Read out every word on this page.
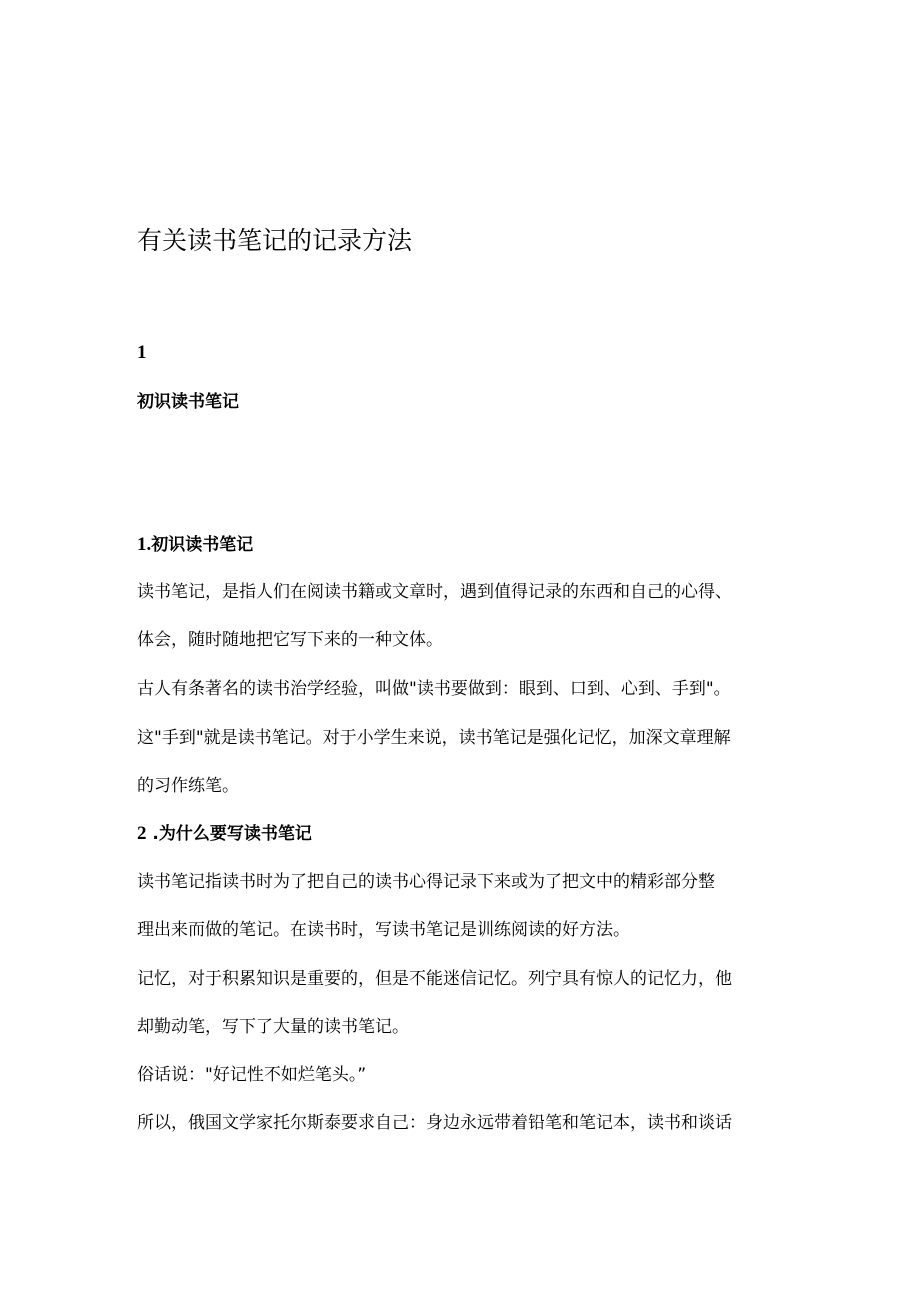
有关读书笔记的记录方法
1
初识读书笔记
1.初识读书笔记
读书笔记，是指人们在阅读书籍或文章时，遇到值得记录的东西和自己的心得、
体会，随时随地把它写下来的一种文体。
古人有条著名的读书治学经验，叫做"读书要做到：眼到、口到、心到、手到"。
这"手到"就是读书笔记。对于小学生来说，读书笔记是强化记忆，加深文章理解
的习作练笔。
2 .为什么要写读书笔记
读书笔记指读书时为了把自己的读书心得记录下来或为了把文中的精彩部分整
理出来而做的笔记。在读书时，写读书笔记是训练阅读的好方法。
记忆，对于积累知识是重要的，但是不能迷信记忆。列宁具有惊人的记忆力，他
却勤动笔，写下了大量的读书笔记。
俗话说："好记性不如烂笔头。”
所以，俄国文学家托尔斯泰要求自己：身边永远带着铅笔和笔记本，读书和谈话
